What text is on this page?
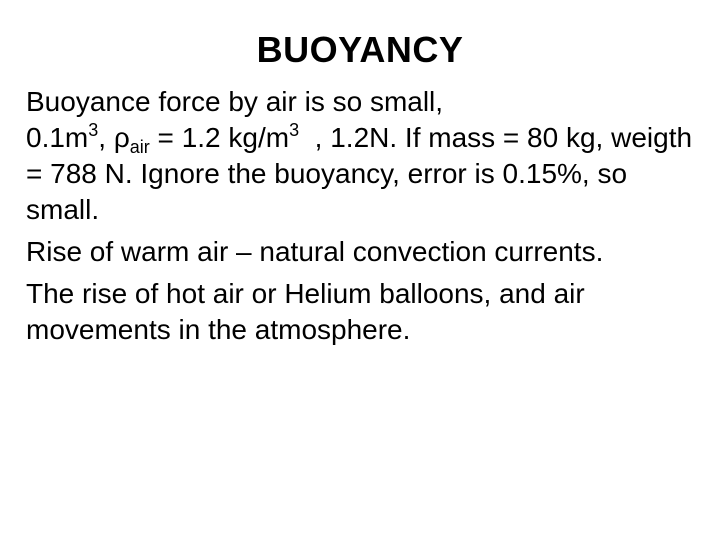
BUOYANCY

Buoyance force by air is so small,
$0.1m^3$, $\rho_{air} = 1.2$ $kg/m^3$  , 1.2N. If mass = 80 kg, weigth = 788 N. Ignore the buoyancy, error is 0.15%, so small.

Rise of warm air – natural convection currents.

The rise of hot air or Helium balloons, and air movements in the atmosphere.
